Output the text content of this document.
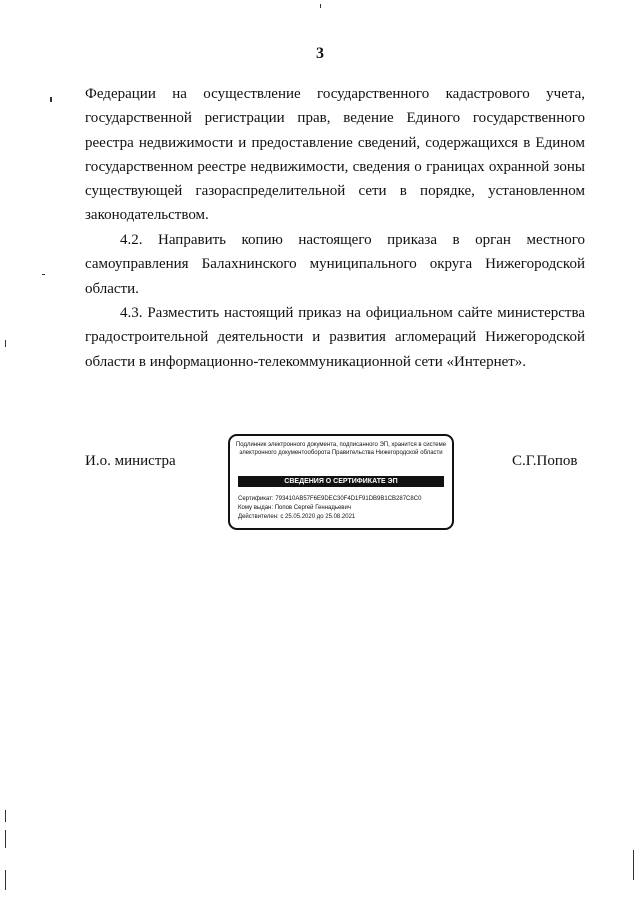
3
Федерации на осуществление государственного кадастрового учета, государственной регистрации прав, ведение Единого государственного реестра недвижимости и предоставление сведений, содержащихся в Едином государственном реестре недвижимости, сведения о границах охранной зоны существующей газораспределительной сети в порядке, установленном законодательством.
4.2. Направить копию настоящего приказа в орган местного самоуправления Балахнинского муниципального округа Нижегородской области.
4.3. Разместить настоящий приказ на официальном сайте министерства градостроительной деятельности и развития агломераций Нижегородской области в информационно-телекоммуникационной сети «Интернет».
И.о. министра
Подлинник электронного документа, подписанного ЭП, хранится в системе электронного документооборота Правительства Нижегородской области
СВЕДЕНИЯ О СЕРТИФИКАТЕ ЭП
Сертификат: 793410AB57F6E9DEC30F4D1F91DB9B1CB287C8C0
Кому выдан: Попов Сергей Геннадьевич
Действителен: с 25.05.2020 до 25.08.2021
С.Г.Попов
